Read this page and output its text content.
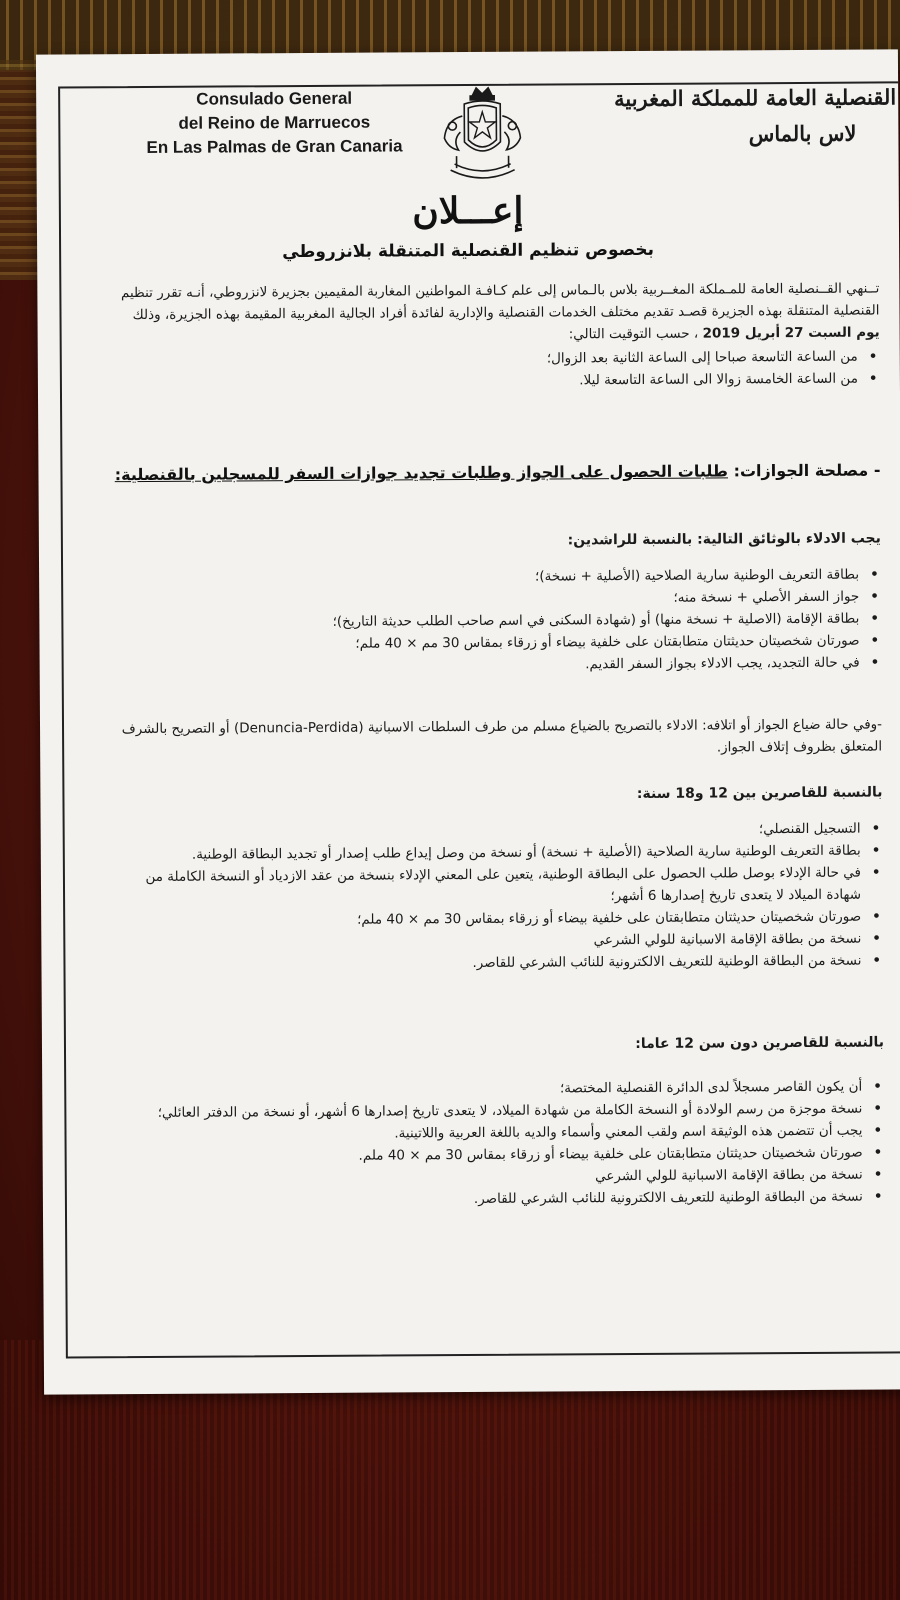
Consulado General
del Reino de Marruecos
En Las Palmas de Gran Canaria
القنصلية العامة للمملكة المغربية
لاس بالماس
إعـــلان
بخصوص تنظيم القنصلية المتنقلة بلانزروطي
تــنهي القــنصلية العامة للمـملكة المغــربية بلاس بالـماس إلى علم كـافـة المواطنين المغاربة المقيمين بجزيرة لانزروطي، أنـه تقرر تنظيم القنصلية المتنقلة بهذه الجزيرة قصـد تقديم مختلف الخدمات القنصلية والإدارية لفائدة أفراد الجالية المغربية المقيمة بهذه الجزيرة، وذلك يوم السبت 27 أبريل 2019 ، حسب التوقيت التالي:
• من الساعة التاسعة صباحا إلى الساعة الثانية بعد الزوال؛
• من الساعة الخامسة زوالا الى الساعة التاسعة ليلا.
- مصلحة الجوازات: طلبات الحصول على الجواز وطلبات تجديد جوازات السفر للمسجلين بالقنصلية:
يجب الادلاء بالوثائق التالية: بالنسبة للراشدين:
• بطاقة التعريف الوطنية سارية الصلاحية (الأصلية + نسخة)؛
• جواز السفر الأصلي + نسخة منه؛
• بطاقة الإقامة (الاصلية + نسخة منها) أو (شهادة السكنى في اسم صاحب الطلب حديثة التاريخ)؛
• صورتان شخصيتان حديثتان متطابقتان على خلفية بيضاء أو زرقاء بمقاس 30 مم × 40 ملم؛
• في حالة التجديد، يجب الادلاء بجواز السفر القديم.
-وفي حالة ضياع الجواز أو اتلافه: الادلاء بالتصريح بالضياع مسلم من طرف السلطات الاسبانية (Denuncia-Perdida) أو التصريح بالشرف المتعلق بظروف إتلاف الجواز.
بالنسبة للقاصرين بين 12 و18 سنة:
• التسجيل القنصلي؛
• بطاقة التعريف الوطنية سارية الصلاحية (الأصلية + نسخة) أو نسخة من وصل إيداع طلب إصدار أو تجديد البطاقة الوطنية.
• في حالة الإدلاء بوصل طلب الحصول على البطاقة الوطنية، يتعين على المعني الإدلاء بنسخة من عقد الازدياد أو النسخة الكاملة من شهادة الميلاد لا يتعدى تاريخ إصدارها 6 أشهر؛
• صورتان شخصيتان حديثتان متطابقتان على خلفية بيضاء أو زرقاء بمقاس 30 مم × 40 ملم؛
• نسخة من بطاقة الإقامة الاسبانية للولي الشرعي
• نسخة من البطاقة الوطنية للتعريف الالكترونية للنائب الشرعي للقاصر.
بالنسبة للقاصرين دون سن 12 عاما:
• أن يكون القاصر مسجلاً لدى الدائرة القنصلية المختصة؛
• نسخة موجزة من رسم الولادة أو النسخة الكاملة من شهادة الميلاد، لا يتعدى تاريخ إصدارها 6 أشهر، أو نسخة من الدفتر العائلي؛
• يجب أن تتضمن هذه الوثيقة اسم ولقب المعني وأسماء والديه باللغة العربية واللاتينية.
• صورتان شخصيتان حديثتان متطابقتان على خلفية بيضاء أو زرقاء بمقاس 30 مم × 40 ملم.
• نسخة من بطاقة الإقامة الاسبانية للولي الشرعي
• نسخة من البطاقة الوطنية للتعريف الالكترونية للنائب الشرعي للقاصر.
